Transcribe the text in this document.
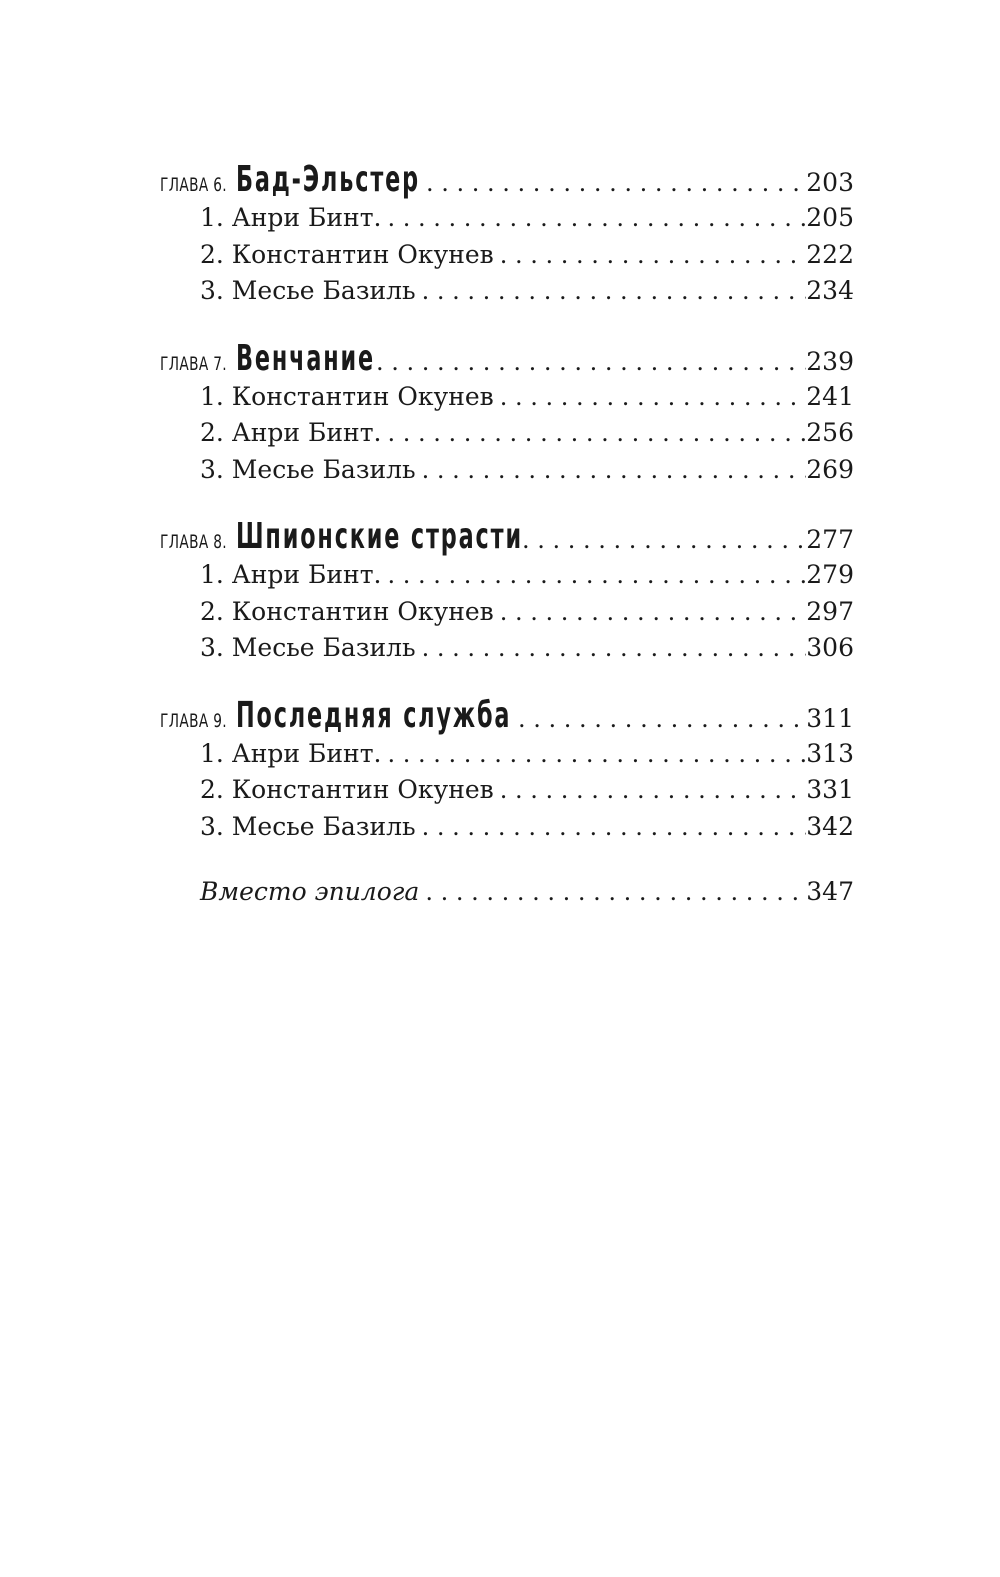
ГЛАВА 6. Бад-Эльстер . . .	203
1. Анри Бинт. . . .	205
2. Константин Окунев . . .	222
3. Месье Базиль . . .	234
ГЛАВА 7. Венчание . . .	239
1. Константин Окунев . . .	241
2. Анри Бинт. . . .	256
3. Месье Базиль . . .	269
ГЛАВА 8. Шпионские страсти . . .	277
1. Анри Бинт. . . .	279
2. Константин Окунев . . .	297
3. Месье Базиль . . .	306
ГЛАВА 9. Последняя служба . . .	311
1. Анри Бинт. . . .	313
2. Константин Окунев . . .	331
3. Месье Базиль . . .	342
Вместо эпилога . . .	347
